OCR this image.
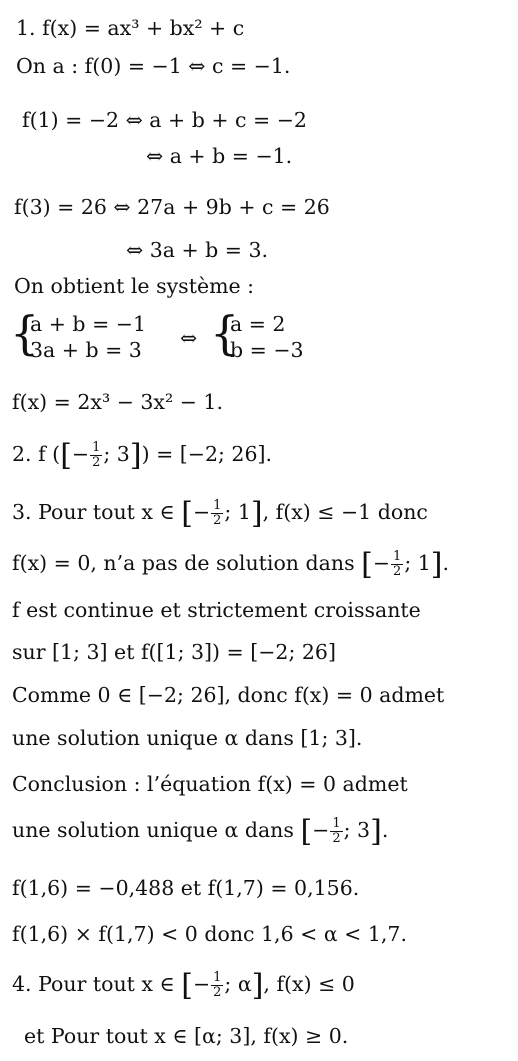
1. f(x) = ax³ + bx² + c
On a : f(0) = −1 ⇔ c = −1.
f(1) = −2 ⇔ a + b + c = −2
⇔ a + b = −1.
f(3) = 26 ⇔ 27a + 9b + c = 26
⇔ 3a + b = 3.
On obtient le système :
{
a + b = −1
3a + b = 3 ⇔ {
a = 2
b = −3
f(x) = 2x³ − 3x² − 1.
2. f ([− $\frac{1}{2}$ ; 3]) = [−2; 26].
3. Pour tout x ∈ [− $\frac{1}{2}$ ; 1], f(x) ≤ −1 donc
f(x) = 0, n’a pas de solution dans [− $\frac{1}{2}$ ; 1].
f est continue et strictement croissante
sur [1; 3] et f([1; 3]) = [−2; 26]
Comme 0 ∈ [−2; 26], donc f(x) = 0 admet
une solution unique α dans [1; 3].
Conclusion : l’équation f(x) = 0 admet
une solution unique α dans [− $\frac{1}{2}$ ; 3].
f(1,6) = −0,488 et f(1,7) = 0,156.
f(1,6) × f(1,7) < 0 donc 1,6 < α < 1,7.
4. Pour tout x ∈ [− $\frac{1}{2}$ ; α], f(x) ≤ 0
et Pour tout x ∈ [α; 3], f(x) ≥ 0.
